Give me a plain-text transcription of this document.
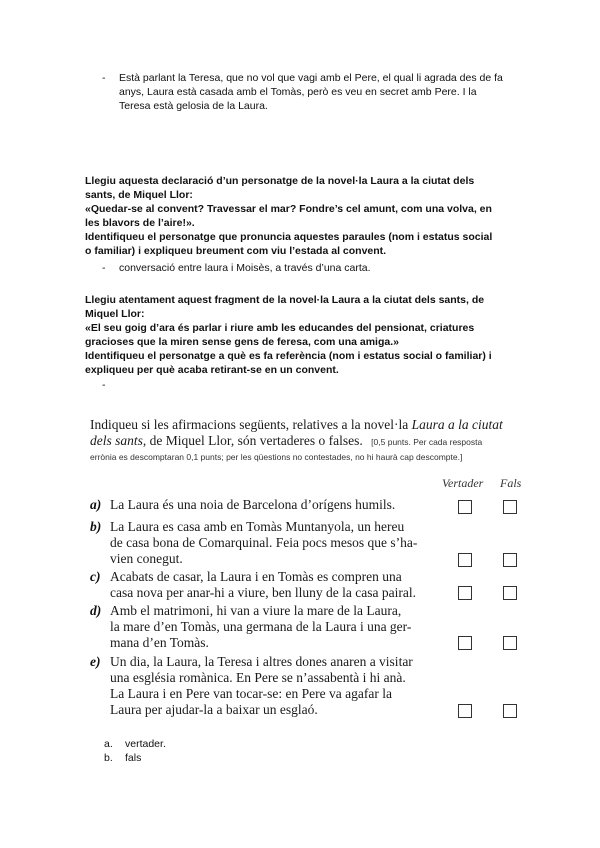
- Està parlant la Teresa, que no vol que vagi amb el Pere, el qual li agrada des de fa
anys, Laura està casada amb el Tomàs, però es veu en secret amb Pere. I la
Teresa està gelosia de la Laura.
Llegiu aquesta declaració d’un personatge de la novel·la Laura a la ciutat dels
sants, de Miquel Llor:
«Quedar-se al convent? Travessar el mar? Fondre’s cel amunt, com una volva, en
les blavors de l’aire!».
Identifiqueu el personatge que pronuncia aquestes paraules (nom i estatus social
o familiar) i expliqueu breument com viu l’estada al convent.
- conversació entre laura i Moisès, a través d’una carta.
Llegiu atentament aquest fragment de la novel·la Laura a la ciutat dels sants, de
Miquel Llor:
«El seu goig d’ara és parlar i riure amb les educandes del pensionat, criatures
gracioses que la miren sense gens de feresa, com una amiga.»
Identifiqueu el personatge a què es fa referència (nom i estatus social o familiar) i
expliqueu per què acaba retirant-se en un convent.
-
Indiqueu si les afirmacions següents, relatives a la novel·la Laura a la ciutat
dels sants, de Miquel Llor, són vertaderes o falses. [0,5 punts. Per cada resposta
errònia es descomptaran 0,1 punts; per les qüestions no contestades, no hi haurà cap descompte.]
Vertader Fals
a) La Laura és una noia de Barcelona d’orígens humils.
b) La Laura es casa amb en Tomàs Muntanyola, un hereu
de casa bona de Comarquinal. Feia pocs mesos que s’ha-
vien conegut.
c) Acabats de casar, la Laura i en Tomàs es compren una
casa nova per anar-hi a viure, ben lluny de la casa pairal.
d) Amb el matrimoni, hi van a viure la mare de la Laura,
la mare d’en Tomàs, una germana de la Laura i una ger-
mana d’en Tomàs.
e) Un dia, la Laura, la Teresa i altres dones anaren a visitar
una església romànica. En Pere se n’assabentà i hi anà.
La Laura i en Pere van tocar-se: en Pere va agafar la
Laura per ajudar-la a baixar un esglaó.
a. vertader.
b. fals
